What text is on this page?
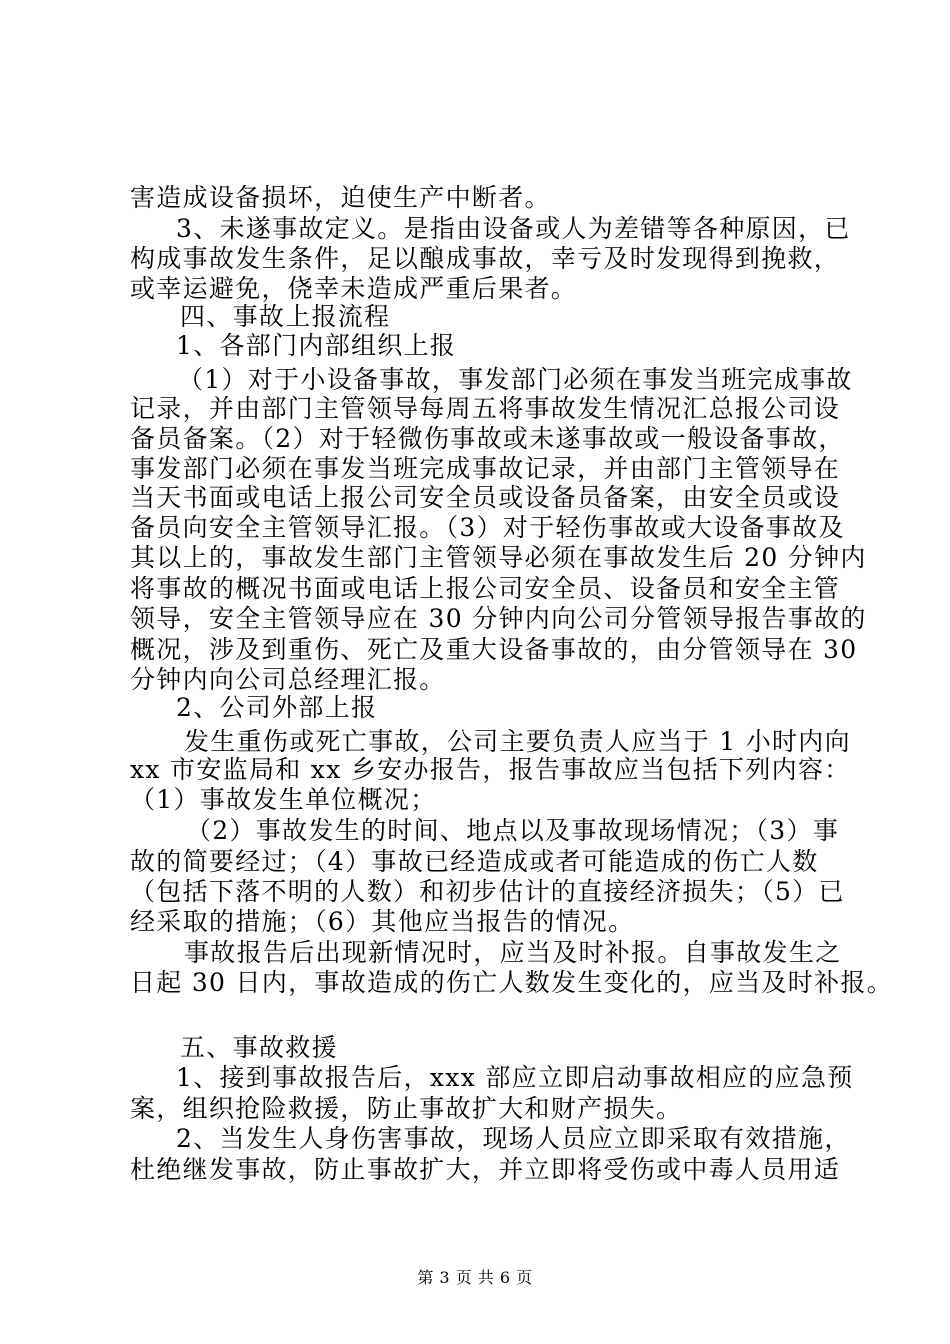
害造成设备损坏，迫使生产中断者。
3、未遂事故定义。是指由设备或人为差错等各种原因，已
构成事故发生条件，足以酿成事故，幸亏及时发现得到挽救，
或幸运避免，侥幸未造成严重后果者。
四、事故上报流程
1、各部门内部组织上报
（1）对于小设备事故，事发部门必须在事发当班完成事故
记录，并由部门主管领导每周五将事故发生情况汇总报公司设
备员备案。（2）对于轻微伤事故或未遂事故或一般设备事故，
事发部门必须在事发当班完成事故记录，并由部门主管领导在
当天书面或电话上报公司安全员或设备员备案，由安全员或设
备员向安全主管领导汇报。（3）对于轻伤事故或大设备事故及
其以上的，事故发生部门主管领导必须在事故发生后 20 分钟内
将事故的概况书面或电话上报公司安全员、设备员和安全主管
领导，安全主管领导应在 30 分钟内向公司分管领导报告事故的
概况，涉及到重伤、死亡及重大设备事故的，由分管领导在 30
分钟内向公司总经理汇报。
2、公司外部上报
发生重伤或死亡事故，公司主要负责人应当于 1 小时内向
xx 市安监局和 xx 乡安办报告，报告事故应当包括下列内容：
（1）事故发生单位概况；
（2）事故发生的时间、地点以及事故现场情况；（3）事
故的简要经过；（4）事故已经造成或者可能造成的伤亡人数
（包括下落不明的人数）和初步估计的直接经济损失；（5）已
经采取的措施；（6）其他应当报告的情况。
事故报告后出现新情况时，应当及时补报。自事故发生之
日起 30 日内，事故造成的伤亡人数发生变化的，应当及时补报。
五、事故救援
1、接到事故报告后，xxx 部应立即启动事故相应的应急预
案，组织抢险救援，防止事故扩大和财产损失。
2、当发生人身伤害事故，现场人员应立即采取有效措施，
杜绝继发事故，防止事故扩大，并立即将受伤或中毒人员用适
第 3 页 共 6 页
